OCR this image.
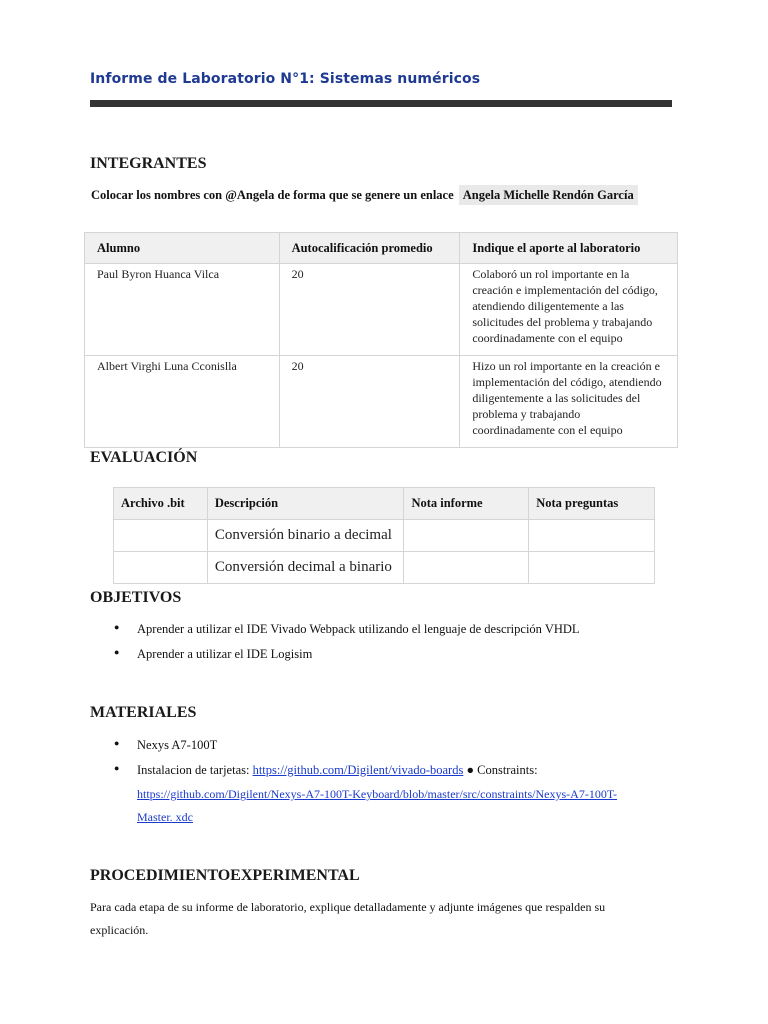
Informe de Laboratorio N°1: Sistemas numéricos
INTEGRANTES
Colocar los nombres con @Angela de forma que se genere un enlace Angela Michelle Rendón García
Alumno	Autocalificación promedio	Indique el aporte al laboratorio
Paul Byron Huanca Vilca	20	Colaboró un rol importante en la creación e implementación del código, atendiendo diligentemente a las solicitudes del problema y trabajando coordinadamente con el equipo
Albert Virghi Luna Cconislla	20	Hizo un rol importante en la creación e implementación del código, atendiendo diligentemente a las solicitudes del problema y trabajando coordinadamente con el equipo
EVALUACIÓN
Archivo .bit	Descripción	Nota informe	Nota preguntas
	Conversión binario a decimal		
	Conversión decimal a binario		
OBJETIVOS
● Aprender a utilizar el IDE Vivado Webpack utilizando el lenguaje de descripción VHDL
● Aprender a utilizar el IDE Logisim
MATERIALES
● Nexys A7-100T
● Instalacion de tarjetas: https://github.com/Digilent/vivado-boards ● Constraints:
https://github.com/Digilent/Nexys-A7-100T-Keyboard/blob/master/src/constraints/Nexys-A7-100T-
Master. xdc
PROCEDIMIENTOEXPERIMENTAL
Para cada etapa de su informe de laboratorio, explique detalladamente y adjunte imágenes que respalden su explicación.
